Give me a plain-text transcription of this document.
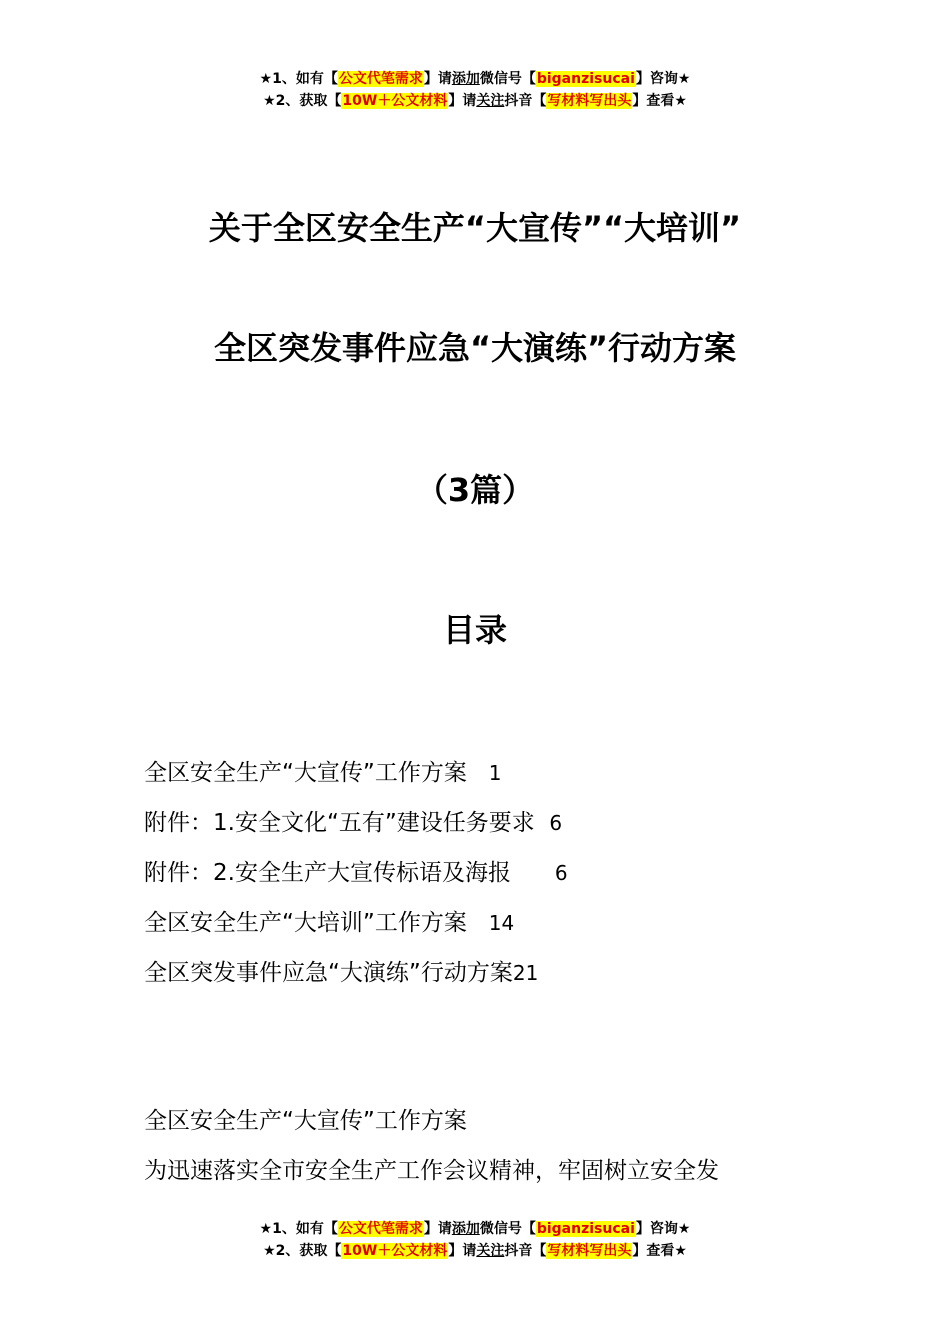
★1、如有【公文代笔需求】请添加微信号【biganzisucai】咨询★
★2、获取【10W＋公文材料】请关注抖音【写材料写出头】查看★
关于全区安全生产“大宣传”“大培训”
全区突发事件应急“大演练”行动方案
（3篇）
目录
全区安全生产“大宣传”工作方案 1
附件：1.安全文化“五有”建设任务要求 6
附件：2.安全生产大宣传标语及海报 6
全区安全生产“大培训”工作方案 14
全区突发事件应急“大演练”行动方案21

全区安全生产“大宣传”工作方案

为迅速落实全市安全生产工作会议精神，牢固树立安全发

★1、如有【公文代笔需求】请添加微信号【biganzisucai】咨询★
★2、获取【10W＋公文材料】请关注抖音【写材料写出头】查看★
